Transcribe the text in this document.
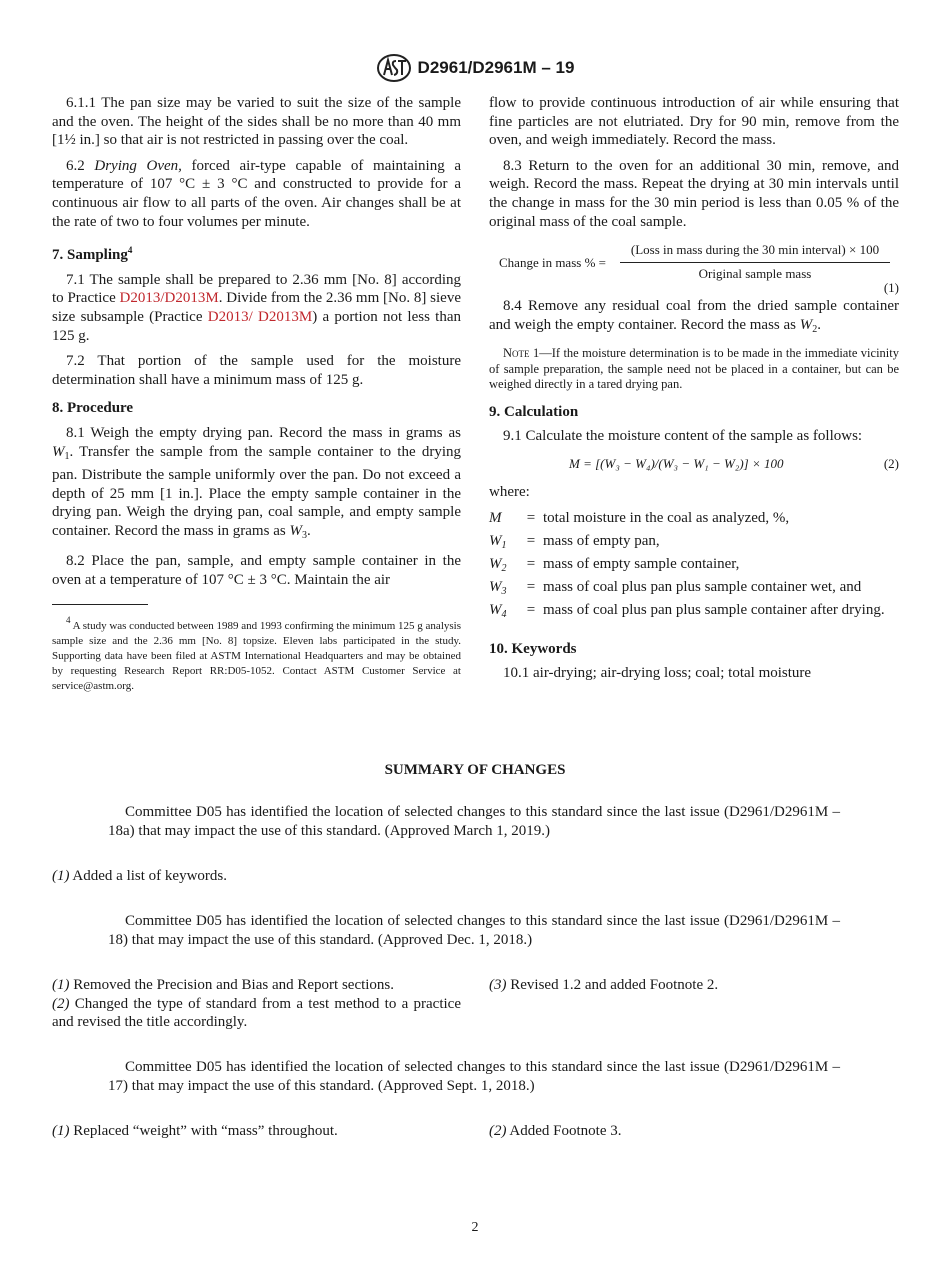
D2961/D2961M – 19

6.1.1 The pan size may be varied to suit the size of the sample and the oven. The height of the sides shall be no more than 40 mm [1½ in.] so that air is not restricted in passing over the coal.

6.2 Drying Oven, forced air-type capable of maintaining a temperature of 107 °C ± 3 °C and constructed to provide for a continuous air flow to all parts of the oven. Air changes shall be at the rate of two to four volumes per minute.

7. Sampling$^4$

7.1 The sample shall be prepared to 2.36 mm [No. 8] according to Practice D2013/D2013M. Divide from the 2.36 mm [No. 8] sieve size subsample (Practice D2013/ D2013M) a portion not less than 125 g.

7.2 That portion of the sample used for the moisture determination shall have a minimum mass of 125 g.

8. Procedure

8.1 Weigh the empty drying pan. Record the mass in grams as $W_1$. Transfer the sample from the sample container to the drying pan. Distribute the sample uniformly over the pan. Do not exceed a depth of 25 mm [1 in.]. Place the empty sample container in the drying pan. Weigh the drying pan, coal sample, and empty sample container. Record the mass in grams as $W_3$.

8.2 Place the pan, sample, and empty sample container in the oven at a temperature of 107 °C ± 3 °C. Maintain the air

$^4$ A study was conducted between 1989 and 1993 confirming the minimum 125 g analysis sample size and the 2.36 mm [No. 8] topsize. Eleven labs participated in the study. Supporting data have been filed at ASTM International Headquarters and may be obtained by requesting Research Report RR:D05-1052. Contact ASTM Customer Service at service@astm.org.

flow to provide continuous introduction of air while ensuring that fine particles are not elutriated. Dry for 90 min, remove from the oven, and weigh immediately. Record the mass.

8.3 Return to the oven for an additional 30 min, remove, and weigh. Record the mass. Repeat the drying at 30 min intervals until the change in mass for the 30 min period is less than 0.05 % of the original mass of the coal sample.

Change in mass % =
(Loss in mass during the 30 min interval) × 100
Original sample mass
(1)

8.4 Remove any residual coal from the dried sample container and weigh the empty container. Record the mass as $W_2$.

Note 1—If the moisture determination is to be made in the immediate vicinity of sample preparation, the sample need not be placed in a container, but can be weighed directly in a tared drying pan.
9. Calculation

9.1 Calculate the moisture content of the sample as follows:

M = [(W₃ − W₄)/(W₃ − W₁ − W₂)] × 100	(2)

where:

M	=	total moisture in the coal as analyzed, %,
$W_1$	=	mass of empty pan,
$W_2$	=	mass of empty sample container,
$W_3$	=	mass of coal plus pan plus sample container wet, and
$W_4$	=	mass of coal plus pan plus sample container after drying.
10. Keywords

10.1 air-drying; air-drying loss; coal; total moisture

SUMMARY OF CHANGES
Committee D05 has identified the location of selected changes to this standard since the last issue (D2961/D2961M – 18a) that may impact the use of this standard. (Approved March 1, 2019.)
(1) Added a list of keywords.
Committee D05 has identified the location of selected changes to this standard since the last issue (D2961/D2961M – 18) that may impact the use of this standard. (Approved Dec. 1, 2018.)
(1) Removed the Precision and Bias and Report sections.
(2) Changed the type of standard from a test method to a practice and revised the title accordingly.
(3) Revised 1.2 and added Footnote 2.
Committee D05 has identified the location of selected changes to this standard since the last issue (D2961/D2961M – 17) that may impact the use of this standard. (Approved Sept. 1, 2018.)
(1) Replaced “weight” with “mass” throughout.	(2) Added Footnote 3.
2
